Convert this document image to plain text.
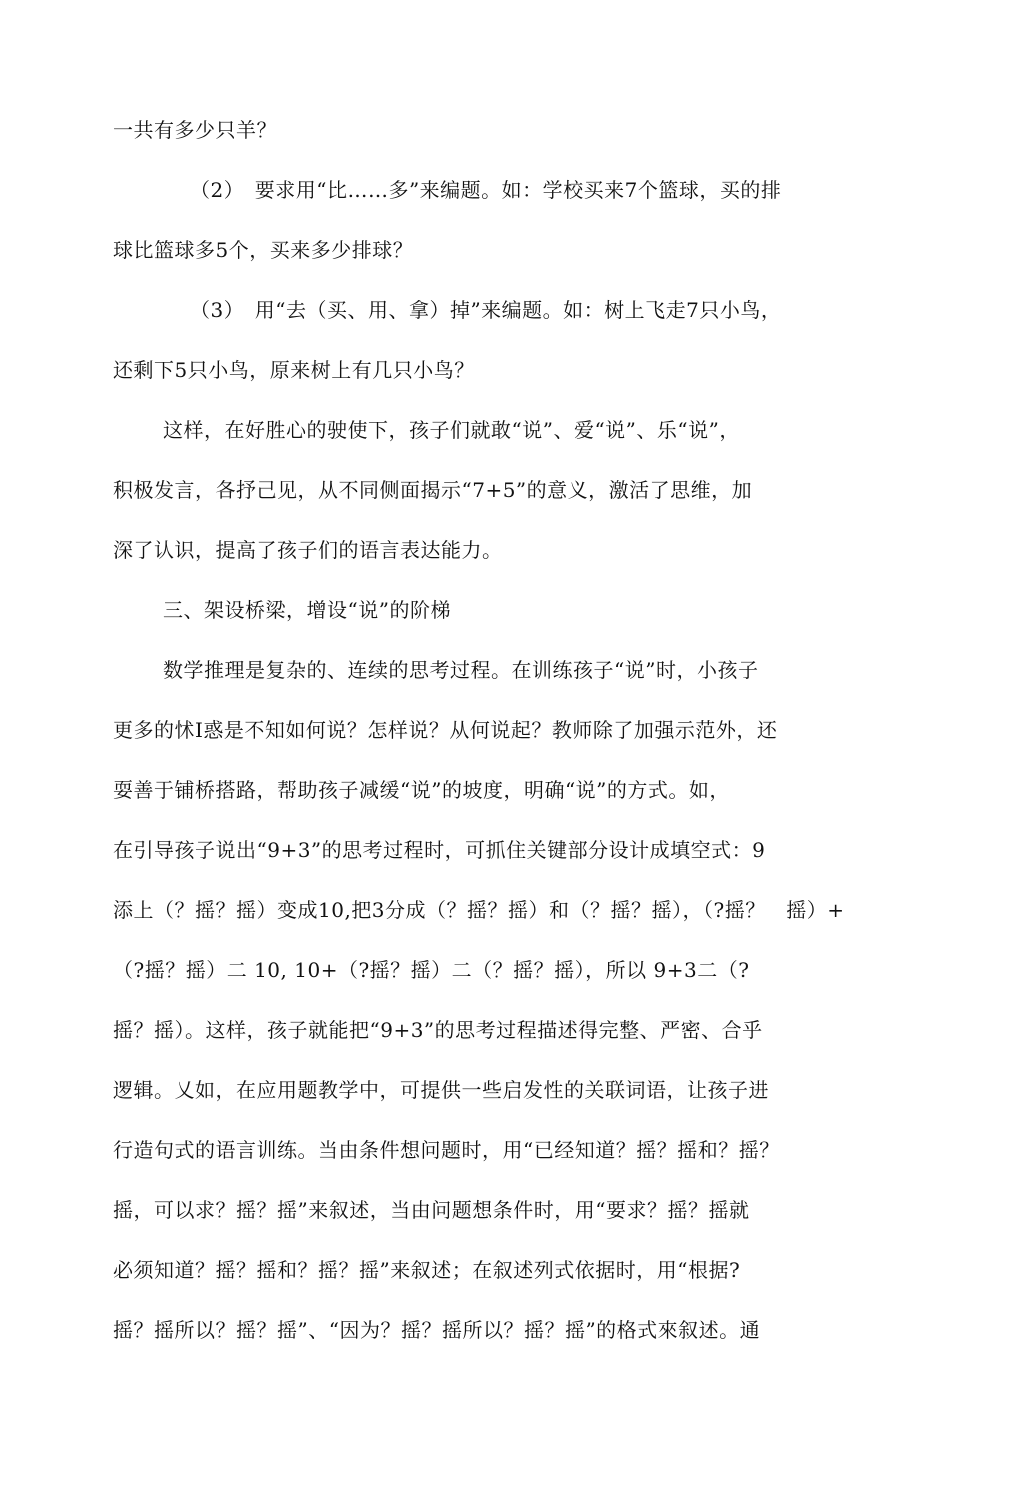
一共有多少只羊？
（2）　要求用“比……多”来编题。如：学校买来7个篮球，买的排
球比篮球多5个，买来多少排球？
（3）　用“去（买、用、拿）掉”来编题。如：树上飞走7只小鸟，
还剩下5只小鸟，原来树上有几只小鸟？
这样，在好胜心的驶使下，孩子们就敢“说”、爱“说”、乐“说”，
积极发言，各抒己见，从不同侧面揭示“7+5”的意义，激活了思维，加
深了认识，提高了孩子们的语言表达能力。
三、架设桥梁，增设“说”的阶梯
数学推理是复杂的、连续的思考过程。在训练孩子“说”时，小孩子
更多的怵I惑是不知如何说？怎样说？从何说起？教师除了加强示范外，还
耍善于铺桥搭路，帮助孩子减缓“说”的坡度，明确“说”的方式。如，
在引导孩子说出“9+3”的思考过程时，可抓住关键部分设计成填空式：9
添上（？摇？摇）变成10,把3分成（？摇？摇）和（？摇？摇），（?摇？　摇）+
（?摇？摇）二 10, 10+（?摇？摇）二（？摇？摇），所以 9+3二（?
摇？摇）。这样，孩子就能把“9+3”的思考过程描述得完整、严密、合乎
逻辑。乂如，在应用题教学中，可提供一些启发性的关联词语，让孩子进
行造句式的语言训练。当由条件想问题时，用“已经知道？摇？摇和？摇？
摇，可以求？摇？摇”来叙述，当由问题想条件时，用“要求？摇？摇就
必须知道？摇？摇和？摇？摇”来叙述；在叙述列式依据时，用“根据?
摇？摇所以？摇？摇”、“因为？摇？摇所以？摇？摇”的格式來叙述。通
